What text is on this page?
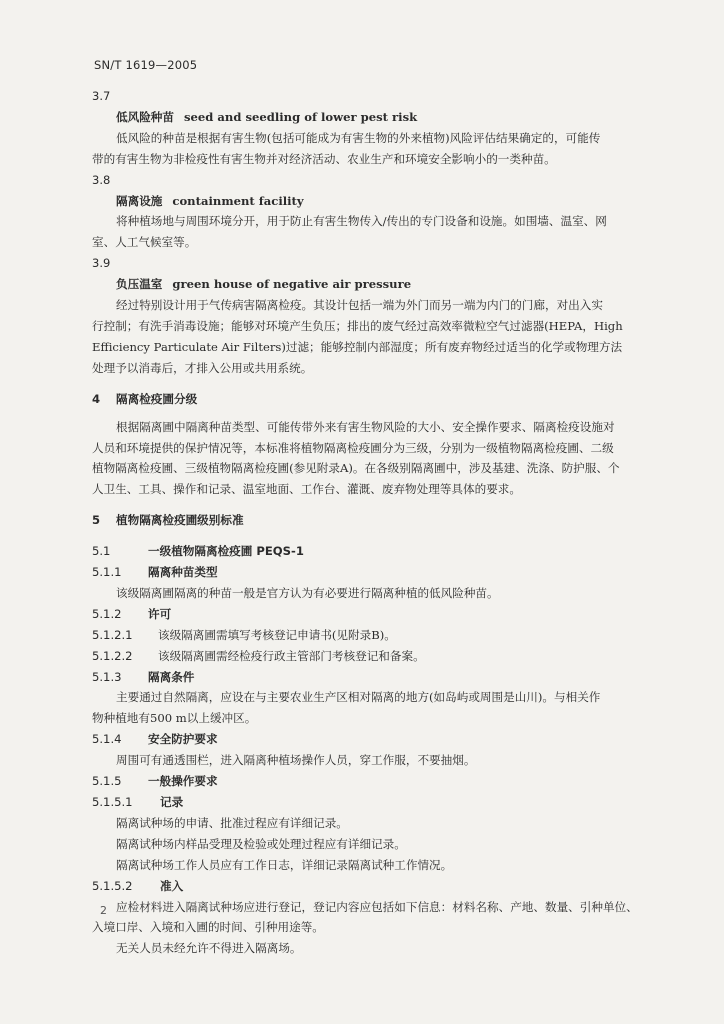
SN/T 1619—2005
3.7
低风险种苗 seed and seedling of lower pest risk
低风险的种苗是根据有害生物(包括可能成为有害生物的外来植物)风险评估结果确定的，可能传
带的有害生物为非检疫性有害生物并对经济活动、农业生产和环境安全影响小的一类种苗。
3.8
隔离设施 containment facility
将种植场地与周围环境分开，用于防止有害生物传入/传出的专门设备和设施。如围墙、温室、网
室、人工气候室等。
3.9
负压温室 green house of negative air pressure
经过特别设计用于气传病害隔离检疫。其设计包括一端为外门而另一端为内门的门廊，对出入实
行控制；有洗手消毒设施；能够对环境产生负压；排出的废气经过高效率微粒空气过滤器(HEPA，High
Efficiency Particulate Air Filters)过滤；能够控制内部湿度；所有废弃物经过适当的化学或物理方法
处理予以消毒后，才排入公用或共用系统。
4 隔离检疫圃分级
根据隔离圃中隔离种苗类型、可能传带外来有害生物风险的大小、安全操作要求、隔离检疫设施对
人员和环境提供的保护情况等，本标准将植物隔离检疫圃分为三级，分别为一级植物隔离检疫圃、二级
植物隔离检疫圃、三级植物隔离检疫圃(参见附录A)。在各级别隔离圃中，涉及基建、洗涤、防护服、个
人卫生、工具、操作和记录、温室地面、工作台、灌溉、废弃物处理等具体的要求。
5 植物隔离检疫圃级别标准
5.1	一级植物隔离检疫圃 PEQS-1
5.1.1 隔离种苗类型
该级隔离圃隔离的种苗一般是官方认为有必要进行隔离种植的低风险种苗。
5.1.2 许可
5.1.2.1 该级隔离圃需填写考核登记申请书(见附录B)。
5.1.2.2 该级隔离圃需经检疫行政主管部门考核登记和备案。
5.1.3 隔离条件
主要通过自然隔离，应设在与主要农业生产区相对隔离的地方(如岛屿或周围是山川)。与相关作
物种植地有500 m以上缓冲区。
5.1.4 安全防护要求
周围可有通透围栏，进入隔离种植场操作人员，穿工作服，不要抽烟。
5.1.5 一般操作要求
5.1.5.1 记录
隔离试种场的申请、批准过程应有详细记录。
隔离试种场内样品受理及检验或处理过程应有详细记录。
隔离试种场工作人员应有工作日志，详细记录隔离试种工作情况。
5.1.5.2 准入
应检材料进入隔离试种场应进行登记，登记内容应包括如下信息：材料名称、产地、数量、引种单位、
入境口岸、入境和入圃的时间、引种用途等。
无关人员未经允许不得进入隔离场。
2
